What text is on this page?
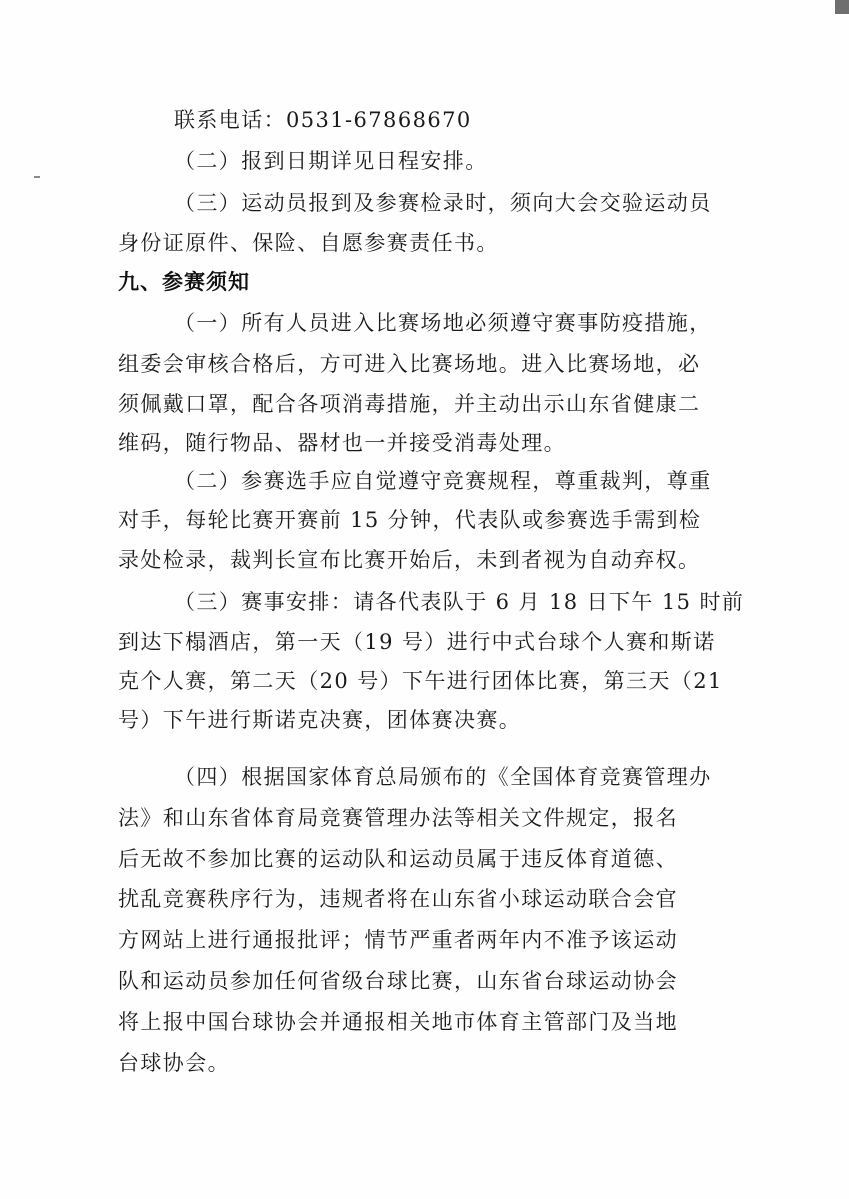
联系电话：0531-67868670
（二）报到日期详见日程安排。
（三）运动员报到及参赛检录时，须向大会交验运动员
身份证原件、保险、自愿参赛责任书。
九、参赛须知
（一）所有人员进入比赛场地必须遵守赛事防疫措施，
组委会审核合格后，方可进入比赛场地。进入比赛场地，必
须佩戴口罩，配合各项消毒措施，并主动出示山东省健康二
维码，随行物品、器材也一并接受消毒处理。
（二）参赛选手应自觉遵守竞赛规程，尊重裁判，尊重
对手，每轮比赛开赛前 15 分钟，代表队或参赛选手需到检
录处检录，裁判长宣布比赛开始后，未到者视为自动弃权。
（三）赛事安排：请各代表队于 6 月 18 日下午 15 时前
到达下榻酒店，第一天（19 号）进行中式台球个人赛和斯诺
克个人赛，第二天（20 号）下午进行团体比赛，第三天（21
号）下午进行斯诺克决赛，团体赛决赛。
（四）根据国家体育总局颁布的《全国体育竞赛管理办
法》和山东省体育局竞赛管理办法等相关文件规定，报名
后无故不参加比赛的运动队和运动员属于违反体育道德、
扰乱竞赛秩序行为，违规者将在山东省小球运动联合会官
方网站上进行通报批评；情节严重者两年内不准予该运动
队和运动员参加任何省级台球比赛，山东省台球运动协会
将上报中国台球协会并通报相关地市体育主管部门及当地
台球协会。
